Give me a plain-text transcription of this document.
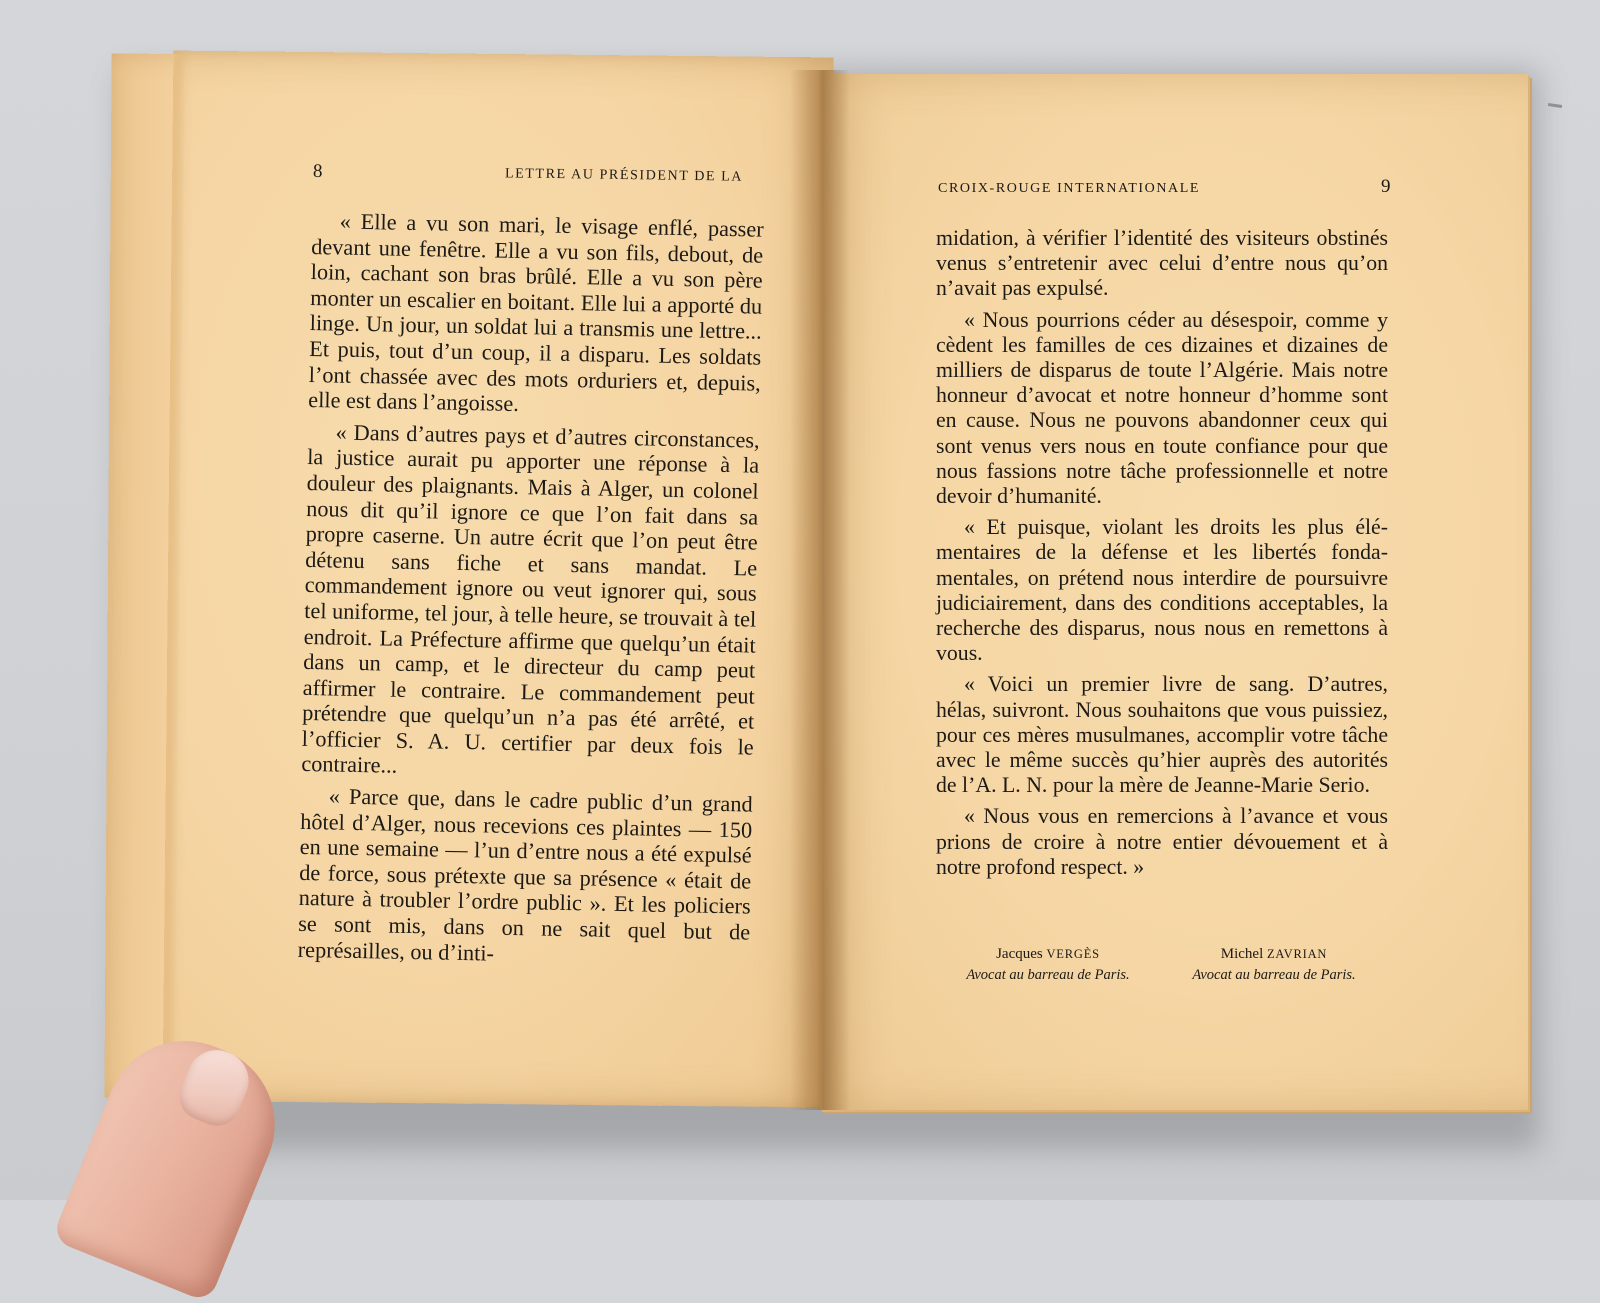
8	LETTRE AU PRÉSIDENT DE LA

« Elle a vu son mari, le visage enflé, passer devant une fenêtre. Elle a vu son fils, debout, de loin, cachant son bras brûlé. Elle a vu son père monter un escalier en boitant. Elle lui a apporté du linge. Un jour, un soldat lui a transmis une lettre... Et puis, tout d’un coup, il a disparu. Les soldats l’ont chassée avec des mots orduriers et, depuis, elle est dans l’angoisse.

« Dans d’autres pays et d’autres circonstances, la justice aurait pu apporter une réponse à la douleur des plaignants. Mais à Alger, un colonel nous dit qu’il ignore ce que l’on fait dans sa propre caserne. Un autre écrit que l’on peut être détenu sans fiche et sans mandat. Le commandement ignore ou veut ignorer qui, sous tel uniforme, tel jour, à telle heure, se trouvait à tel endroit. La Préfecture affirme que quelqu’un était dans un camp, et le directeur du camp peut affirmer le contraire. Le commandement peut prétendre que quelqu’un n’a pas été arrêté, et l’officier S. A. U. certifier par deux fois le contraire...

« Parce que, dans le cadre public d’un grand hôtel d’Alger, nous recevions ces plaintes — 150 en une semaine — l’un d’entre nous a été expulsé de force, sous prétexte que sa présence « était de nature à troubler l’ordre public ». Et les policiers se sont mis, dans on ne sait quel but de représailles, ou d’inti-

CROIX-ROUGE INTERNATIONALE	9

midation, à vérifier l’identité des visiteurs obstinés venus s’entretenir avec celui d’entre nous qu’on n’avait pas expulsé.

« Nous pourrions céder au désespoir, comme y cèdent les familles de ces dizaines et dizaines de milliers de disparus de toute l’Algérie. Mais notre honneur d’avocat et notre honneur d’homme sont en cause. Nous ne pouvons abandonner ceux qui sont venus vers nous en toute confiance pour que nous fassions notre tâche professionnelle et notre devoir d’humanité.

« Et puisque, violant les droits les plus élémentaires de la défense et les libertés fondamentales, on prétend nous interdire de poursuivre judiciairement, dans des conditions acceptables, la recherche des disparus, nous nous en remettons à vous.

« Voici un premier livre de sang. D’autres, hélas, suivront. Nous souhaitons que vous puissiez, pour ces mères musulmanes, accomplir votre tâche avec le même succès qu’hier auprès des autorités de l’A. L. N. pour la mère de Jeanne-Marie Serio.

« Nous vous en remercions à l’avance et vous prions de croire à notre entier dévouement et à notre profond respect. »

Jacques VERGÈS
Avocat au barreau de Paris.
Michel ZAVRIAN
Avocat au barreau de Paris.
